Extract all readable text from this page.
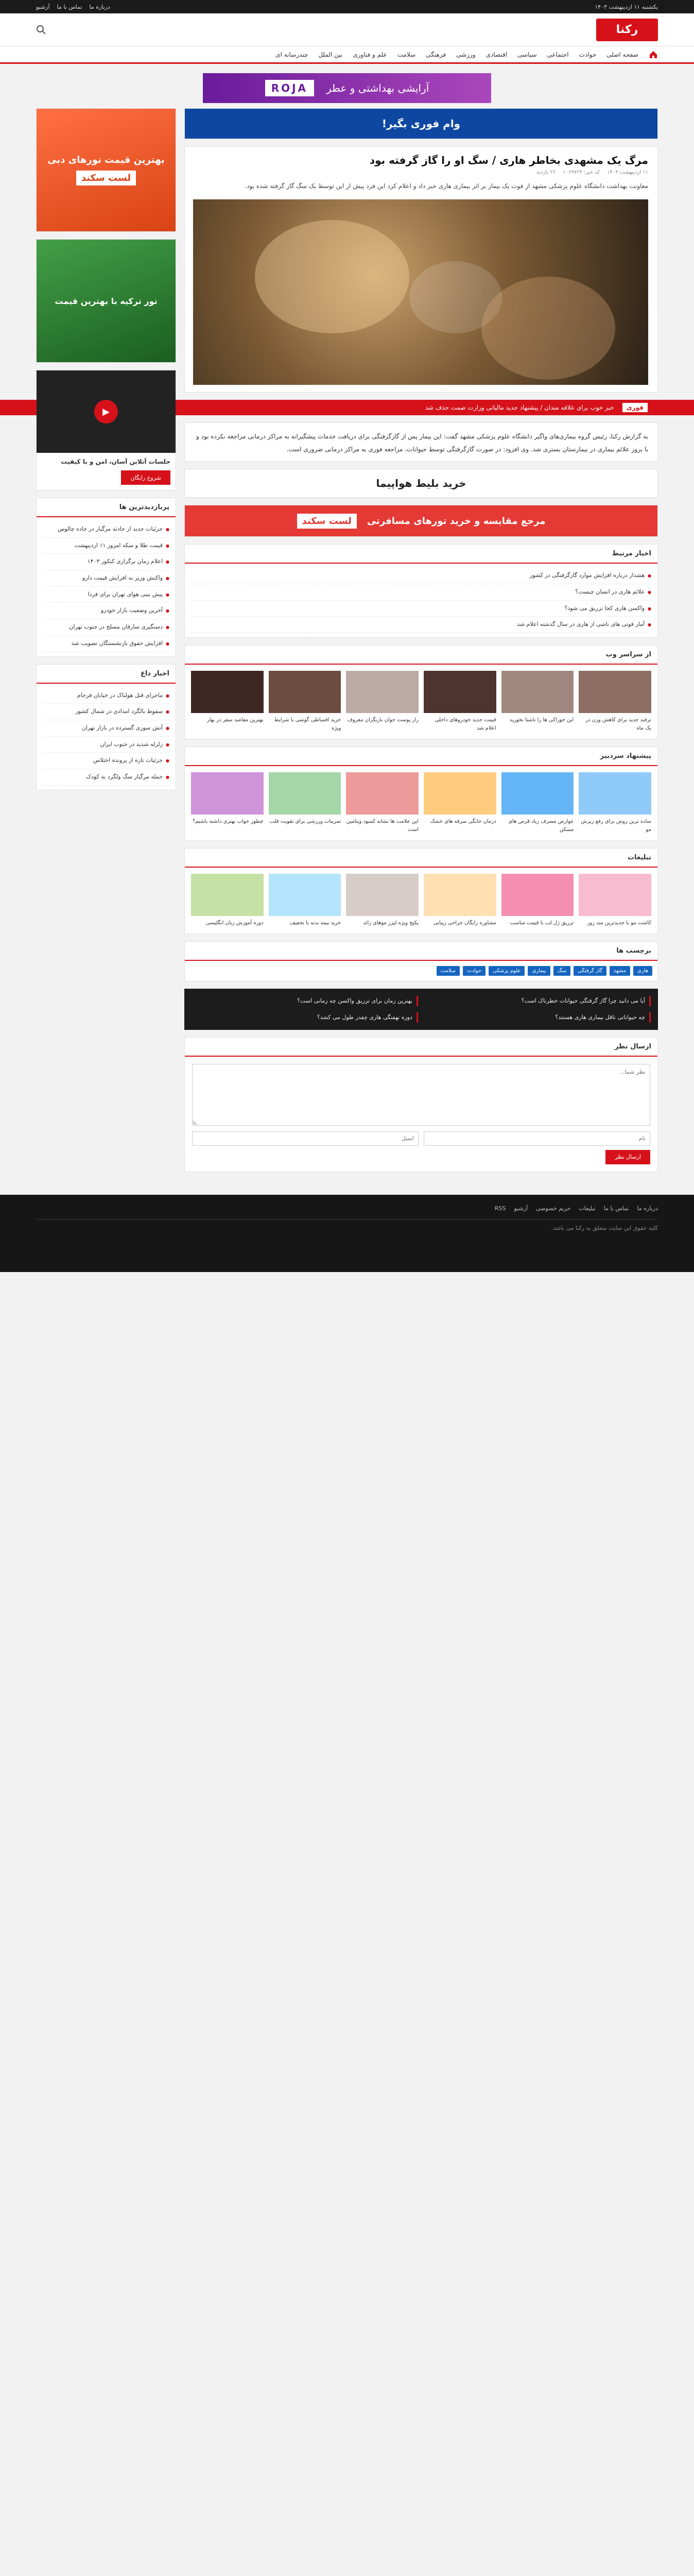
یکشنبه ۱۱ اردیبهشت ۱۴۰۳
درباره ما
تماس با ما
آرشیو
رکنا
صفحه اصلی
حوادث
اجتماعی
سیاسی
اقتصادی
ورزشی
فرهنگی
سلامت
علم و فناوری
بین الملل
چندرسانه ای
آرایشی بهداشتی و عطر
ROJA
وام فوری بگیر!
مرگ یک مشهدی بخاطر هاری / سگ او را گاز گرفته بود
۱۱ اردیبهشت ۱۴۰۳
کد خبر: ۱۰۶۹۷۲۳
۲۶ بازدید

معاونت بهداشت دانشگاه علوم پزشکی مشهد از فوت یک بیمار بر اثر بیماری هاری خبر داد و اعلام کرد این فرد پیش از این توسط یک سگ گاز گرفته شده بود.

فوری
خبر خوب برای علاقه مندان / پیشنهاد جدید مالیاتی وزارت صمت حذف شد

به گزارش رکنا، رئیس گروه بیماری‌های واگیر دانشگاه علوم پزشکی مشهد گفت: این بیمار پس از گازگرفتگی برای دریافت خدمات پیشگیرانه به مراکز درمانی مراجعه نکرده بود و با بروز علائم بیماری در بیمارستان بستری شد. وی افزود: در صورت گازگرفتگی توسط حیوانات، مراجعه فوری به مراکز درمانی ضروری است.

خرید بلیط هواپیما
مرجع مقایسه و خرید تورهای مسافرتی
لست سکند
اخبار مرتبط
● هشدار درباره افزایش موارد گازگرفتگی در کشور
● علائم هاری در انسان چیست؟
● واکسن هاری کجا تزریق می شود؟
● آمار فوتی های ناشی از هاری در سال گذشته اعلام شد
از سراسر وب
ترفند جدید برای کاهش وزن در یک ماه
این خوراکی ها را ناشتا نخورید
قیمت جدید خودروهای داخلی اعلام شد
راز پوست جوان بازیگران معروف
خرید اقساطی گوشی با شرایط ویژه
بهترین مقاصد سفر در بهار
پیشنهاد سردبیر
ساده ترین روش برای رفع ریزش مو
عوارض مصرف زیاد قرص های مسکن
درمان خانگی سرفه های خشک
این علامت ها نشانه کمبود ویتامین است
تمرینات ورزشی برای تقویت قلب
چطور خواب بهتری داشته باشیم؟
تبلیغات
کاشت مو با جدیدترین متد روز
تزریق ژل لب با قیمت مناسب
مشاوره رایگان جراحی زیبایی
پکیج ویژه لیزر موهای زائد
خرید بیمه بدنه با تخفیف
دوره آموزش زبان انگلیسی
برچسب ها
هاری
مشهد
گاز گرفتگی
سگ
بیماری
علوم پزشکی
حوادث
سلامت
آیا می دانید چرا گاز گرفتگی حیوانات خطرناک است؟
بهترین زمان برای تزریق واکسن چه زمانی است؟
چه حیواناتی ناقل بیماری هاری هستند؟
دوره نهفتگی هاری چقدر طول می کشد؟
ارسال نظر
نظر شما...
نام
ایمیل
ارسال نظر
بهترین قیمت تورهای دبی
لست سکند
تور ترکیه با بهترین قیمت
▶
جلسات آنلاین آسان، امن و با کیفیت
شروع رایگان
پربازدیدترین ها
● جزئیات جدید از حادثه مرگبار در جاده چالوس
● قیمت طلا و سکه امروز ۱۱ اردیبهشت
● اعلام زمان برگزاری کنکور ۱۴۰۳
● واکنش وزیر به افزایش قیمت دارو
● پیش بینی هوای تهران برای فردا
● آخرین وضعیت بازار خودرو
● دستگیری سارقان مسلح در جنوب تهران
● افزایش حقوق بازنشستگان تصویب شد
اخبار داغ
● ماجرای قتل هولناک در خیابان فرجام
● سقوط بالگرد امدادی در شمال کشور
● آتش سوزی گسترده در بازار تهران
● زلزله شدید در جنوب ایران
● جزئیات تازه از پرونده اختلاس
● حمله مرگبار سگ ولگرد به کودک
درباره ما
تماس با ما
تبلیغات
حریم خصوصی
آرشیو
RSS
کلیه حقوق این سایت متعلق به رکنا می باشد.
